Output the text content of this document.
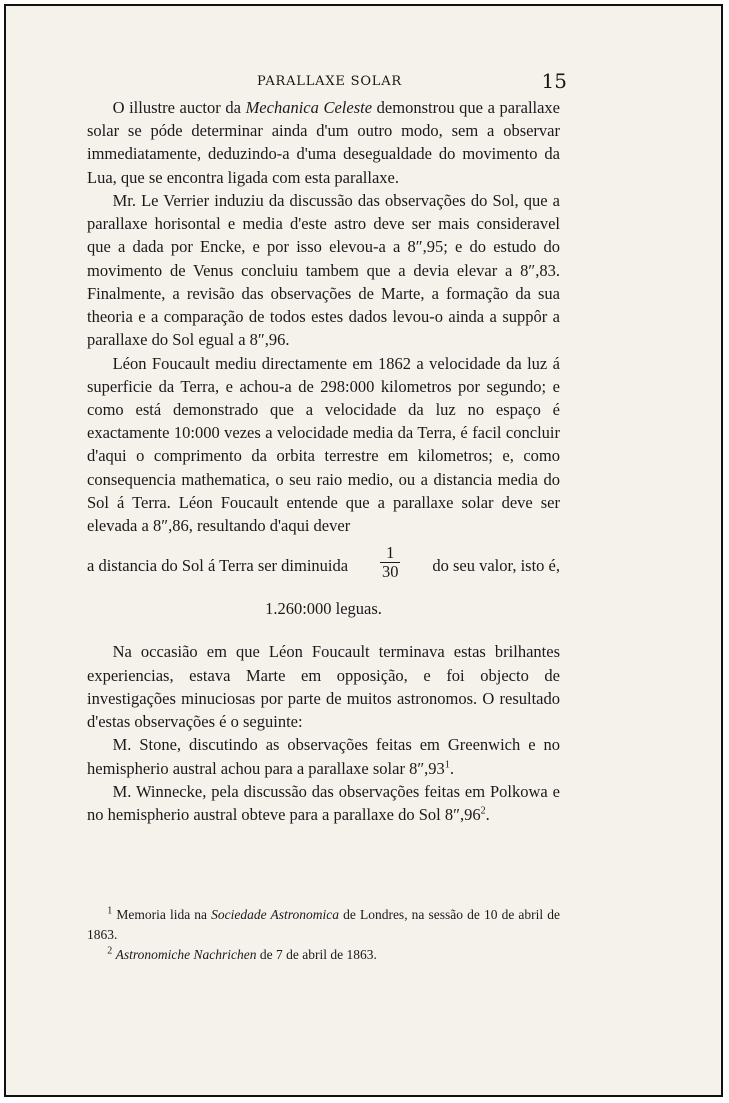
PARALLAXE SOLAR	15

O illustre auctor da Mechanica Celeste demonstrou que a parallaxe solar se póde determinar ainda d'um outro modo, sem a observar immediatamente, deduzindo-a d'uma desegualdade do movimento da Lua, que se encontra ligada com esta parallaxe.

Mr. Le Verrier induziu da discussão das observações do Sol, que a parallaxe horisontal e media d'este astro deve ser mais consideravel que a dada por Encke, e por isso elevou-a a 8″,95; e do estudo do movimento de Venus concluiu tambem que a devia elevar a 8″,83. Finalmente, a revisão das observações de Marte, a formação da sua theoria e a comparação de todos estes dados levou-o ainda a suppôr a parallaxe do Sol egual a 8″,96.

Léon Foucault mediu directamente em 1862 a velocidade da luz á superficie da Terra, e achou-a de 298:000 kilometros por segundo; e como está demonstrado que a velocidade da luz no espaço é exactamente 10:000 vezes a velocidade media da Terra, é facil concluir d'aqui o comprimento da orbita terrestre em kilometros; e, como consequencia mathematica, o seu raio medio, ou a distancia media do Sol á Terra. Léon Foucault entende que a parallaxe solar deve ser elevada a 8″,86, resultando d'aqui dever

a distancia do Sol á Terra ser diminuida $\frac{1}{30}$ do seu valor, isto é,
1.260:000 leguas.

Na occasião em que Léon Foucault terminava estas brilhantes experiencias, estava Marte em opposição, e foi objecto de investigações minuciosas por parte de muitos astronomos. O resultado d'estas observações é o seguinte:

M. Stone, discutindo as observações feitas em Greenwich e no hemispherio austral achou para a parallaxe solar $8'',93^1$.

M. Winnecke, pela discussão das observações feitas em Polkowa e no hemispherio austral obteve para a parallaxe do Sol $8'',96^2$.

$^1$ Memoria lida na Sociedade Astronomica de Londres, na sessão de 10 de abril de 1863.

$^2$ Astronomiche Nachrichen de 7 de abril de 1863.
